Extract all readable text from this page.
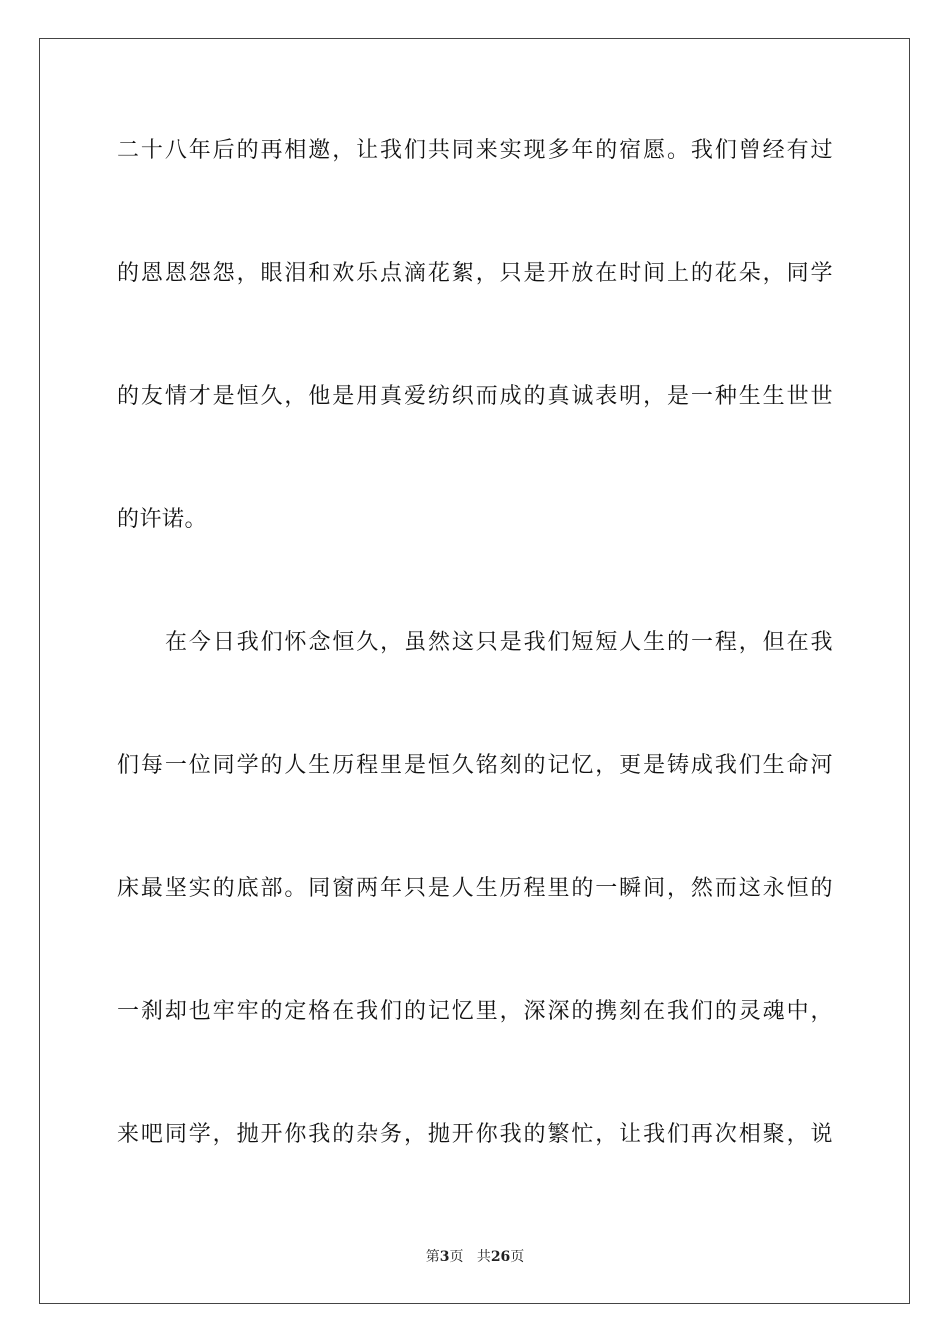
二十八年后的再相邀，让我们共同来实现多年的宿愿。我们曾经有过
的恩恩怨怨，眼泪和欢乐点滴花絮，只是开放在时间上的花朵，同学
的友情才是恒久，他是用真爱纺织而成的真诚表明，是一种生生世世
的许诺。
在今日我们怀念恒久，虽然这只是我们短短人生的一程，但在我
们每一位同学的人生历程里是恒久铭刻的记忆，更是铸成我们生命河
床最坚实的底部。同窗两年只是人生历程里的一瞬间，然而这永恒的
一刹却也牢牢的定格在我们的记忆里，深深的携刻在我们的灵魂中，
来吧同学，抛开你我的杂务，抛开你我的繁忙，让我们再次相聚，说
第3页 共26页
